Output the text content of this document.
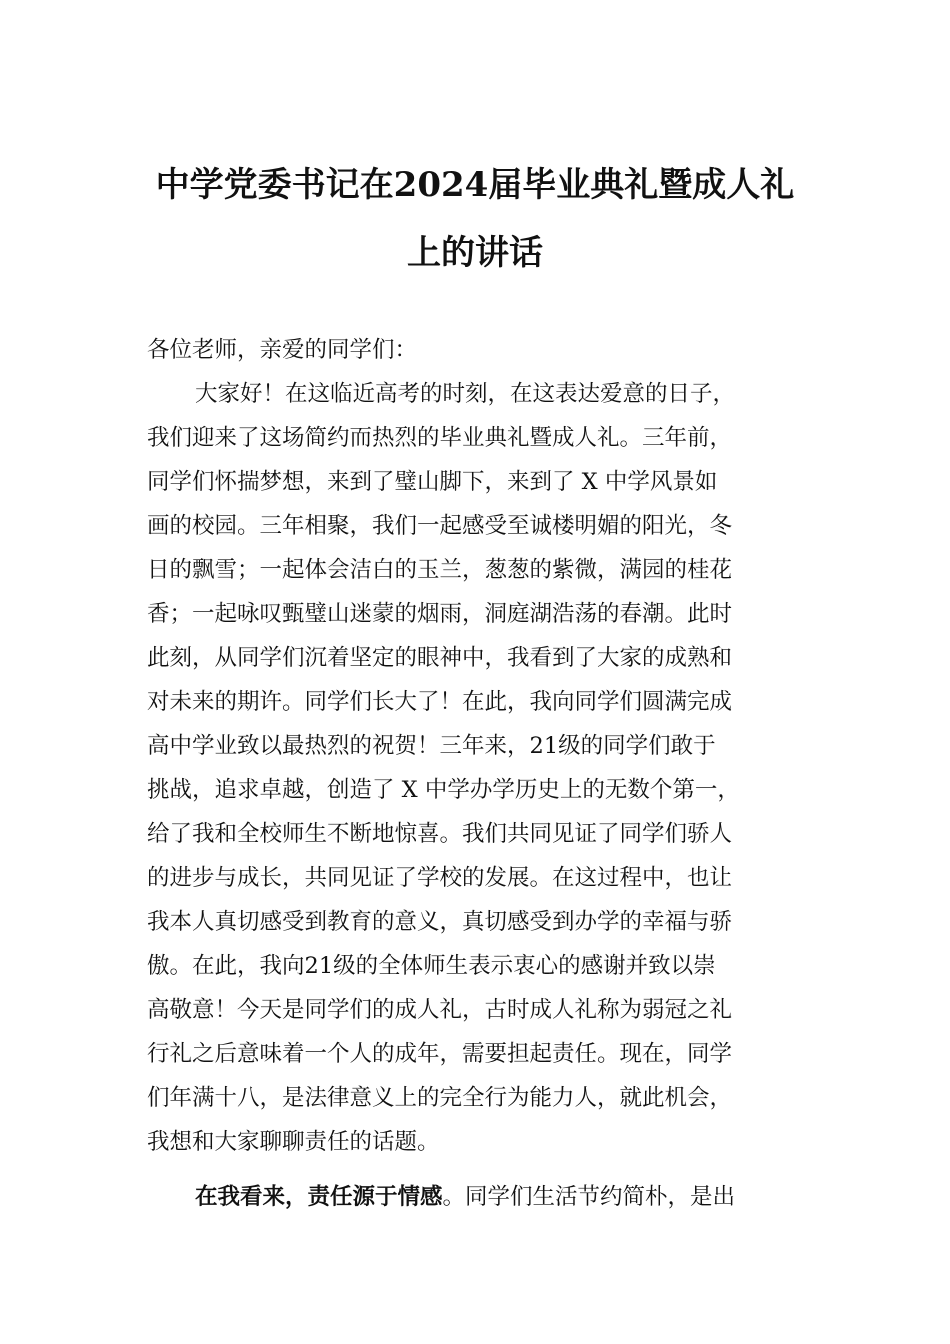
中学党委书记在2024届毕业典礼暨成人礼
上的讲话
各位老师，亲爱的同学们：
大家好！在这临近高考的时刻，在这表达爱意的日子，
我们迎来了这场简约而热烈的毕业典礼暨成人礼。三年前，
同学们怀揣梦想，来到了璧山脚下，来到了 X 中学风景如
画的校园。三年相聚，我们一起感受至诚楼明媚的阳光，冬
日的飘雪；一起体会洁白的玉兰，葱葱的紫微，满园的桂花
香；一起咏叹甄璧山迷蒙的烟雨，洞庭湖浩荡的春潮。此时
此刻，从同学们沉着坚定的眼神中，我看到了大家的成熟和
对未来的期许。同学们长大了！在此，我向同学们圆满完成
高中学业致以最热烈的祝贺！三年来，21级的同学们敢于
挑战，追求卓越，创造了 X 中学办学历史上的无数个第一，
给了我和全校师生不断地惊喜。我们共同见证了同学们骄人
的进步与成长，共同见证了学校的发展。在这过程中，也让
我本人真切感受到教育的意义，真切感受到办学的幸福与骄
傲。在此，我向21级的全体师生表示衷心的感谢并致以崇
高敬意！今天是同学们的成人礼，古时成人礼称为弱冠之礼
行礼之后意味着一个人的成年，需要担起责任。现在，同学
们年满十八，是法律意义上的完全行为能力人，就此机会，
我想和大家聊聊责任的话题。
在我看来，责任源于情感。同学们生活节约简朴，是出
